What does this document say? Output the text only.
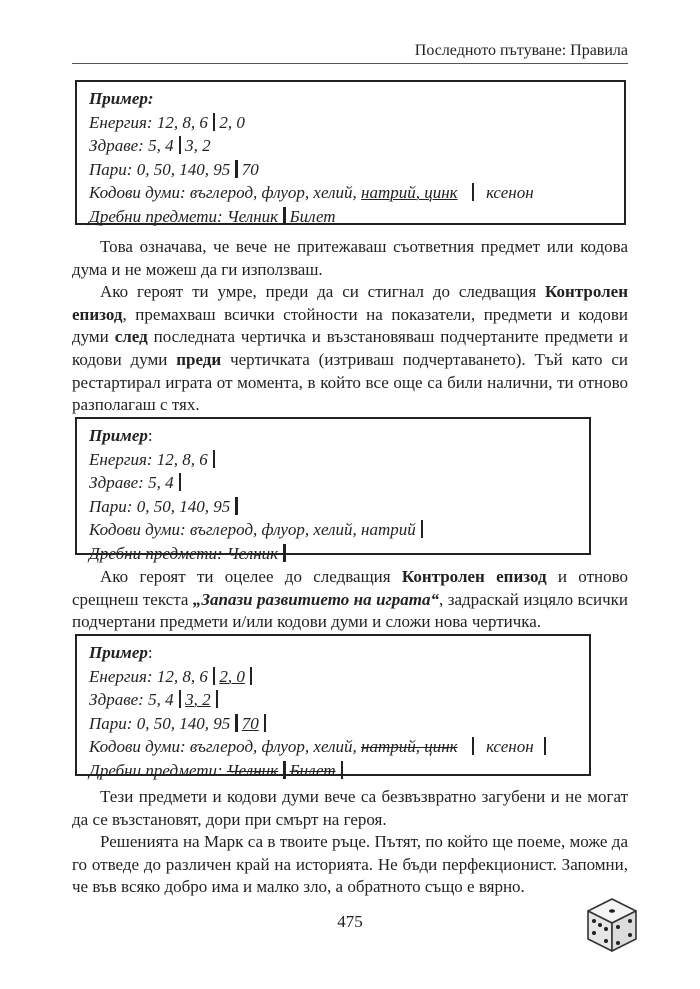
Последното пътуване: Правила
Пример:
Енергия: 12, 8, 6 2, 0
Здраве: 5, 4 3, 2
Пари: 0, 50, 140, 95 70
Кодови думи: въглерод, флуор, хелий, натрий, цинк ксенон
Дребни предмети: Челник Билет

Това означава, че вече не притежаваш съответния предмет или кодова дума и не можеш да ги използваш.

Ако героят ти умре, преди да си стигнал до следващия Контролен епизод, премахваш всички стойности на показатели, предмети и кодови думи след последната чертичка и възстановяваш подчертаните предмети и кодови думи преди чертичката (изтриваш подчертаването). Тъй като си рестартирал играта от момента, в който все още са били налични, ти отново разполагаш с тях.

Пример:
Енергия: 12, 8, 6
Здраве: 5, 4
Пари: 0, 50, 140, 95
Кодови думи: въглерод, флуор, хелий, натрий
Дребни предмети: Челник

Ако героят ти оцелее до следващия Контролен епизод и отново срещнеш текста „Запази развитието на играта“, задраскай изцяло всички подчертани предмети и/или кодови думи и сложи нова чертичка.

Пример:
Енергия: 12, 8, 6 2, 0
Здраве: 5, 4 3, 2
Пари: 0, 50, 140, 95 70
Кодови думи: въглерод, флуор, хелий, натрий, цинк ксенон
Дребни предмети: Челник Билет

Тези предмети и кодови думи вече са безвъзвратно загубени и не могат да се възстановят, дори при смърт на героя.

Решенията на Марк са в твоите ръце. Пътят, по който ще поеме, може да го отведе до различен край на историята. Не бъди перфекционист. Запомни, че във всяко добро има и малко зло, а обратното също е вярно.

475
